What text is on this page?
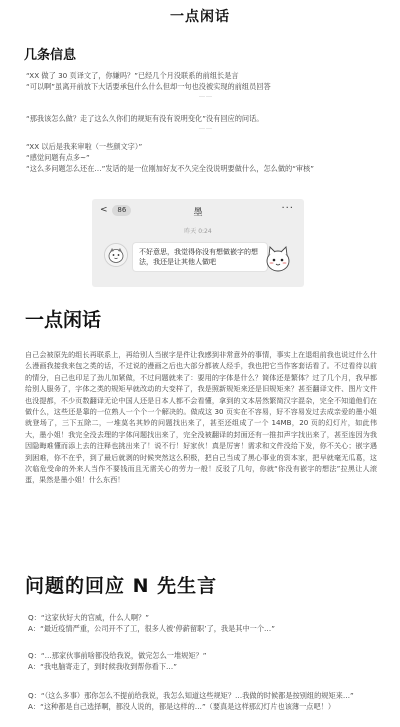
一点闲话
几条信息
“XX 做了 30 页译文了，你嫌吗？”已经几个月没联系的前组长是言
“可以啊”虽离开前放下大话要承包什么什么但却一句也没被实现的前组员回答
……
“那我该怎么做？走了这么久你们的规矩有没有说明变化”没有回应的问话。
……
“XX 以后是我来审啦（一些颜文字）”
“感觉问题有点多~”
“这么多问题怎么还在…”发话的是一位刚加好友不久完全没说明要做什么，怎么做的“审核”
< 86	墨	···
昨天 0:24
不好意思，我觉得你没有想做嵌字的想法，我还是让其他人做吧
一点闲话
自己会被原先的组长再联系上，再给别人当嵌字是件让我感到非常意外的事情，事实上在退组前我也说过什么什么漫画我接我来包之类的话，不过说的漫画之后也大部分都被人经手，我也把它当作客套话看了。不过看待以前的情分，自己也印足了劲儿加紧做，不过问题就来了：要用的字体是什么？简体还是繁体？过了几个月，我早都给别人服务了，字体之类的规矩早就改动的大变样了，我是照新规矩来还是旧规矩来？甚至翻译文件、图片文件也没提都，不少页数翻译无论中国人还是日本人都不会看懂，拿到的文本居然繁简汉字混杂，完全不知道他们在做什么，这些还是靠的一位熟人一个个一个解决的。做成这 30 页实在不容易，好不容易发过去成亲爱的墨小姐就登场了，三下五除二，一堆莫名其妙的问题找出来了，甚至还组成了一个 14MB，20 页的幻灯片，如此伟大，墨小姐！我完全没去理的字体问题找出来了，完全没被翻译的封面还有一推扣声字找出来了，甚至连因为我因隐晦难懂而添上去的注释也挑出来了！说不行！好家伙！真是厉害！需求和文件没给下发，你不关心；嵌字遇到困难，你不在乎，到了最后就剥的时候突然这么积极，把自己当成了黑心事业的资本家，把早就毫无瓜葛，这次临危受命的外来人当作不要钱而且无需关心的劳力一般！反驳了几句，你就“你没有嵌字的想法”拉黑让人滚蛋，果然是墨小姐！什么东西！
问题的回应 N 先生言
Q：“这家伙好大的官威，什么人啊？”
A：“最近疫情严重，公司开不了工，很多人被‘停薪留职’了，我是其中一个…”
Q：“…那家伙事前啥都没给我说，做完怎么一堆规矩？”
A：“我电脑寄走了，到时候我收到帮你看下…”
Q：“（这么多事）那你怎么不提前给我说，我怎么知道这些规矩？…我做的时候都是按别组的规矩来…”
A：“这种都是自己选择啊，都没人说的，都是这样的…”（要真是这样那幻灯片也该薄一点吧！）
